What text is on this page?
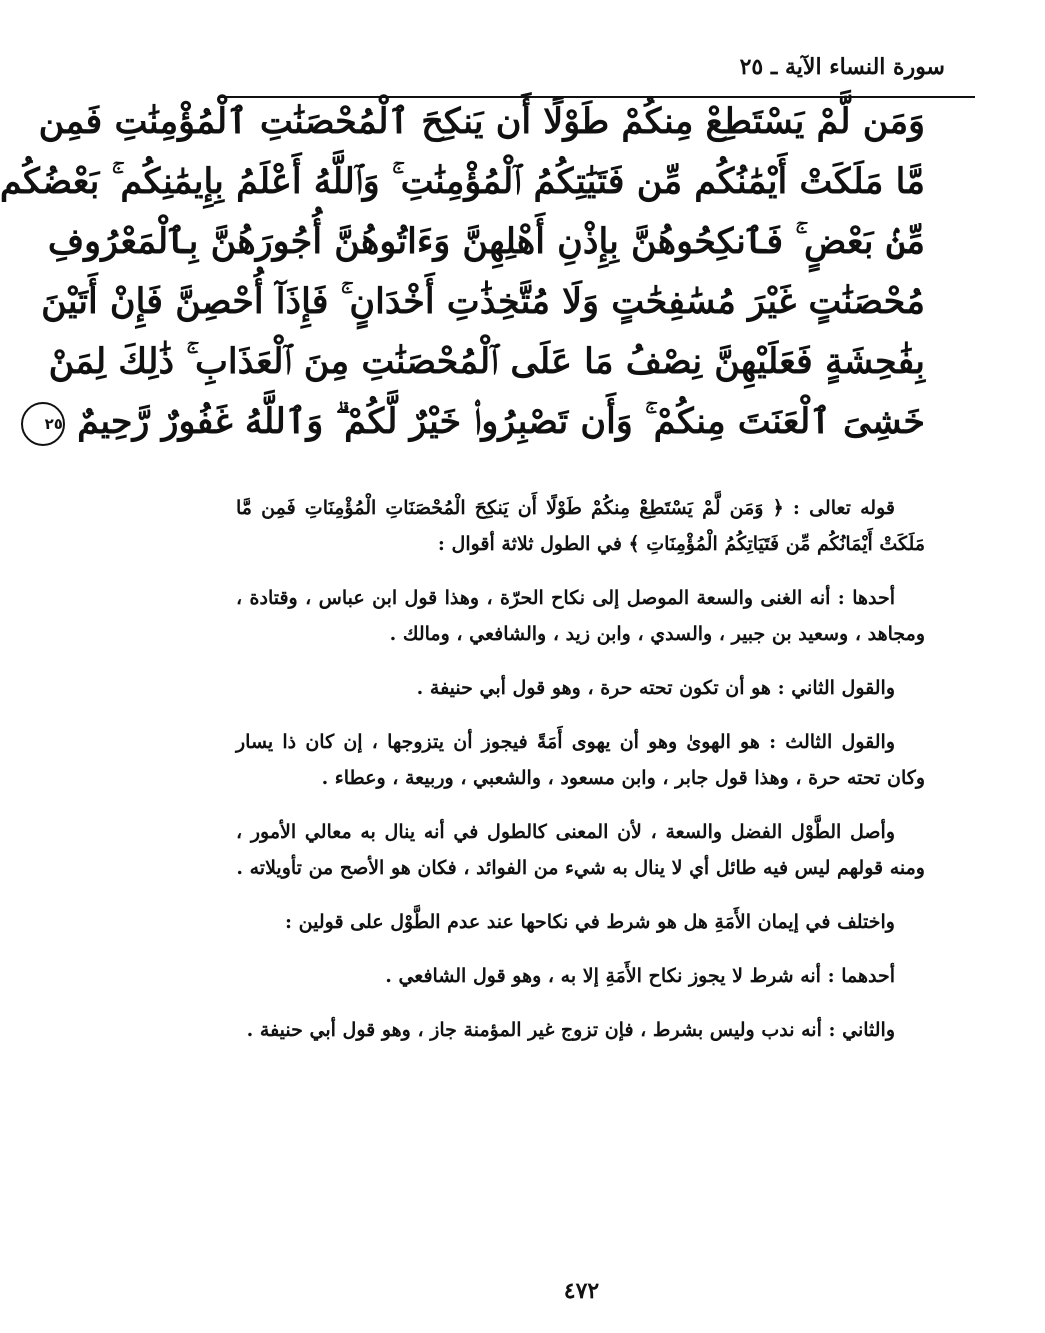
سورة النساء الآية ـ ٢٥
وَمَن لَّمْ يَسْتَطِعْ مِنكُمْ طَوْلًا أَن يَنكِحَ ٱلْمُحْصَنَٰتِ ٱلْمُؤْمِنَٰتِ فَمِن
مَّا مَلَكَتْ أَيْمَٰنُكُم مِّن فَتَيَٰتِكُمُ ٱلْمُؤْمِنَٰتِ ۚ وَٱللَّهُ أَعْلَمُ بِإِيمَٰنِكُم ۚ بَعْضُكُم
مِّنۢ بَعْضٍ ۚ فَٱنكِحُوهُنَّ بِإِذْنِ أَهْلِهِنَّ وَءَاتُوهُنَّ أُجُورَهُنَّ بِٱلْمَعْرُوفِ
مُحْصَنَٰتٍ غَيْرَ مُسَٰفِحَٰتٍ وَلَا مُتَّخِذَٰتِ أَخْدَانٍ ۚ فَإِذَآ أُحْصِنَّ فَإِنْ أَتَيْنَ
بِفَٰحِشَةٍ فَعَلَيْهِنَّ نِصْفُ مَا عَلَى ٱلْمُحْصَنَٰتِ مِنَ ٱلْعَذَابِ ۚ ذَٰلِكَ لِمَنْ
خَشِىَ ٱلْعَنَتَ مِنكُمْ ۚ وَأَن تَصْبِرُوا۟ خَيْرٌ لَّكُمْ ۗ وَٱللَّهُ غَفُورٌ رَّحِيمٌ ٢٥

قوله تعالى : ﴿ وَمَن لَّمْ يَسْتَطِعْ مِنكُمْ طَوْلًا أَن يَنكِحَ الْمُحْصَنَاتِ الْمُؤْمِنَاتِ فَمِن مَّا مَلَكَتْ أَيْمَانُكُم مِّن فَتَيَاتِكُمُ الْمُؤْمِنَاتِ ﴾ في الطول ثلاثة أقوال :

أحدها : أنه الغنى والسعة الموصل إلى نكاح الحرّة ، وهذا قول ابن عباس ، وقتادة ، ومجاهد ، وسعيد بن جبير ، والسدي ، وابن زيد ، والشافعي ، ومالك .

والقول الثاني : هو أن تكون تحته حرة ، وهو قول أبي حنيفة .

والقول الثالث : هو الهوىٰ وهو أن يهوى أَمَةً فيجوز أن يتزوجها ، إن كان ذا يسار وكان تحته حرة ، وهذا قول جابر ، وابن مسعود ، والشعبي ، وربيعة ، وعطاء .

وأصل الطَّوْل الفضل والسعة ، لأن المعنى كالطول في أنه ينال به معالي الأمور ، ومنه قولهم ليس فيه طائل أي لا ينال به شيء من الفوائد ، فكان هو الأصح من تأويلاته .

واختلف في إيمان الأَمَةِ هل هو شرط في نكاحها عند عدم الطَّوْل على قولين :

أحدهما : أنه شرط لا يجوز نكاح الأَمَةِ إلا به ، وهو قول الشافعي .

والثاني : أنه ندب وليس بشرط ، فإن تزوج غير المؤمنة جاز ، وهو قول أبي حنيفة .

٤٧٢
